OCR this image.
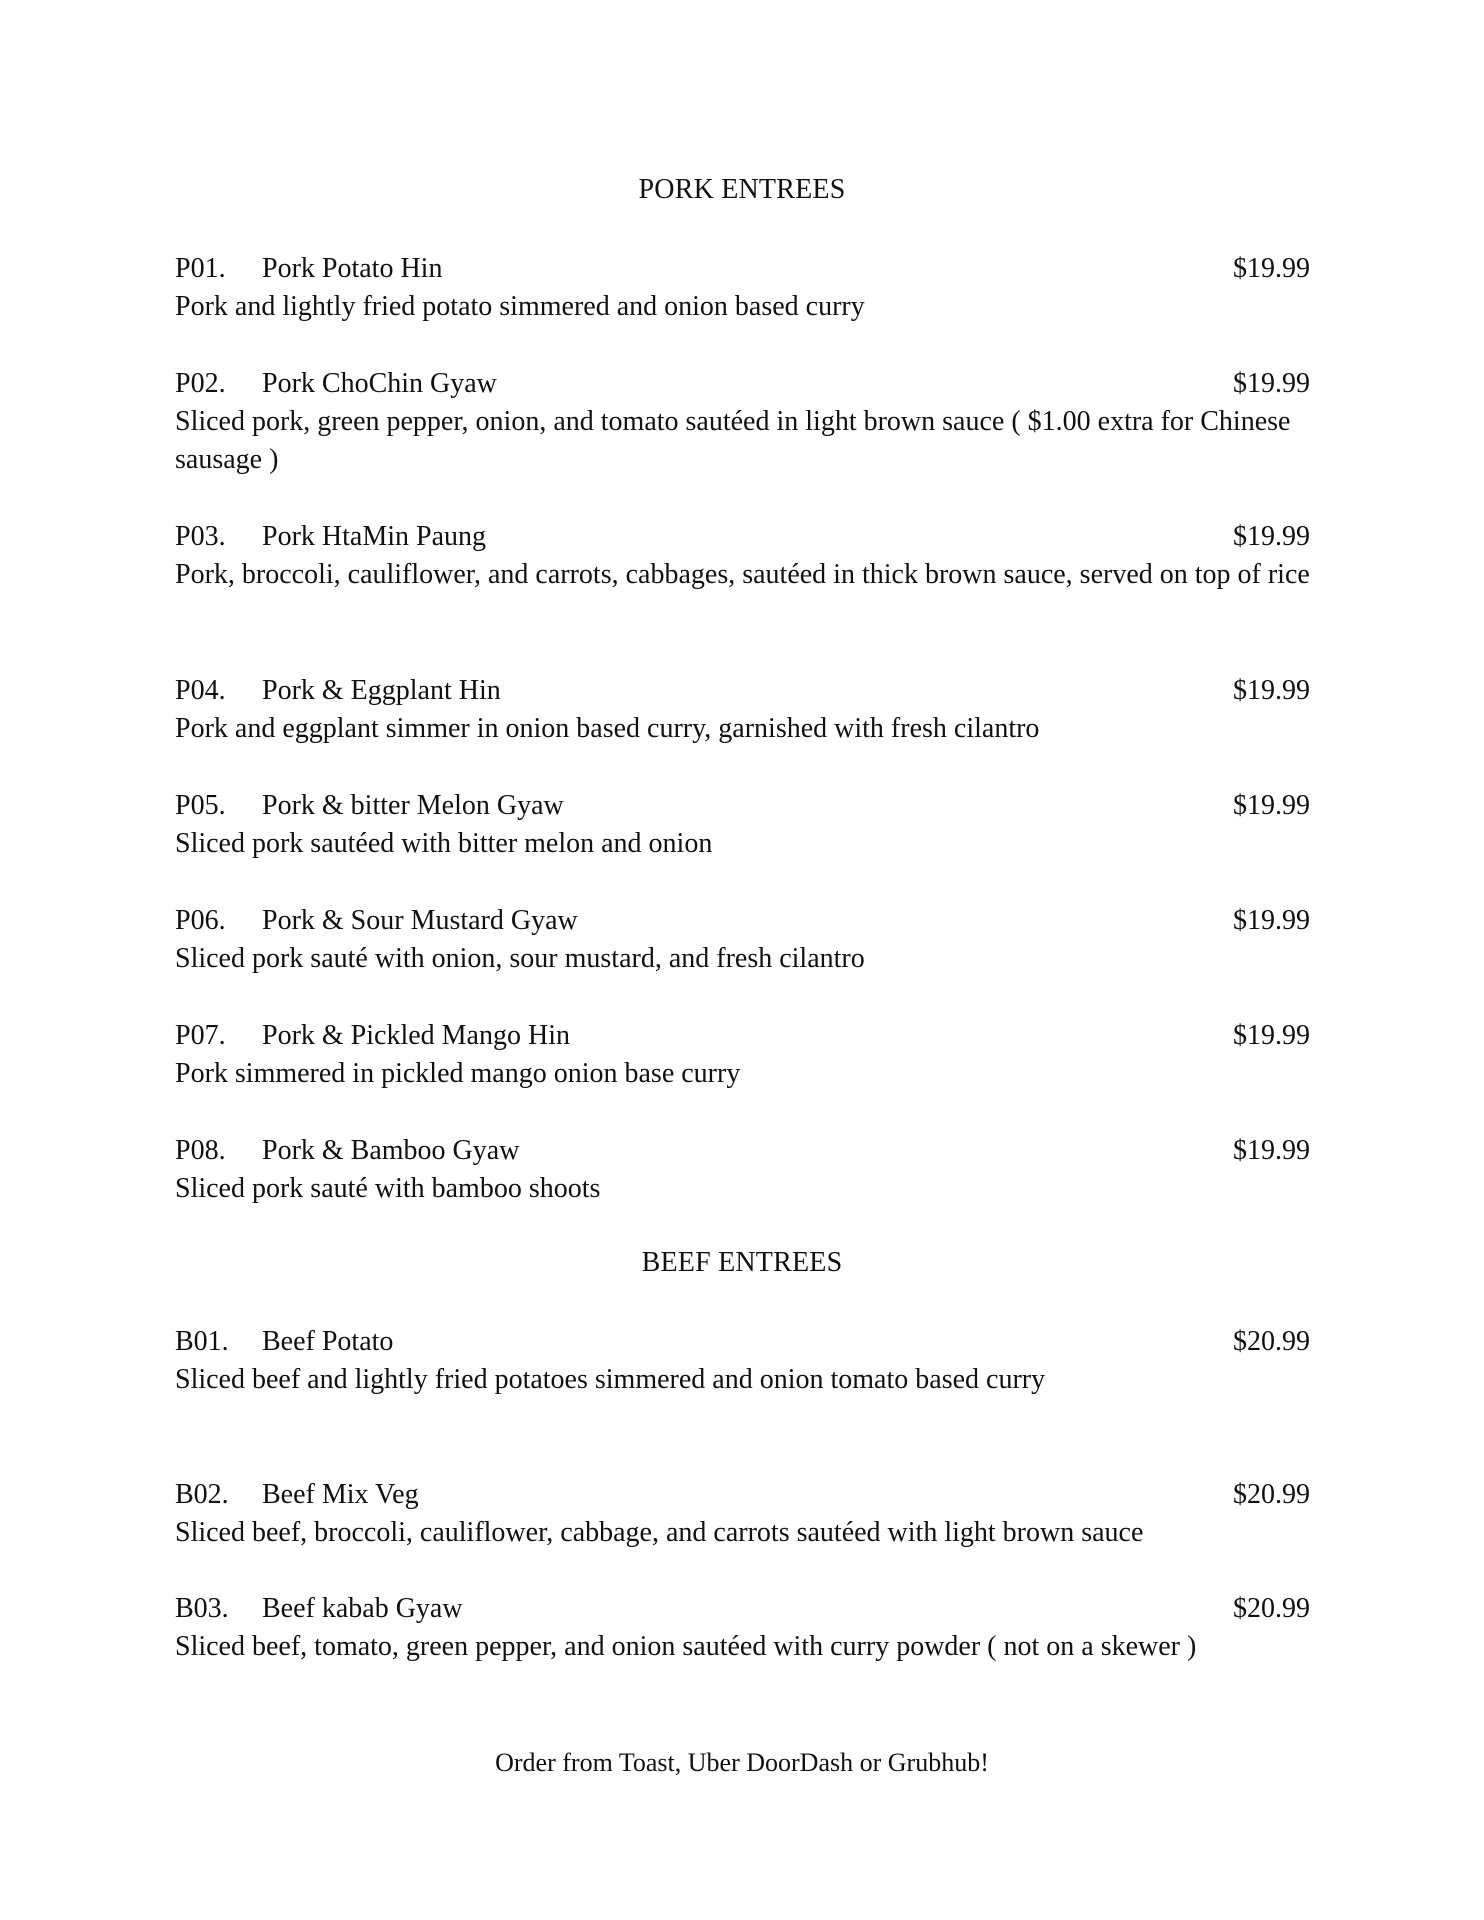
PORK ENTREES
P01. Pork Potato Hin	$19.99
Pork and lightly fried potato simmered and onion based curry
P02. Pork ChoChin Gyaw	$19.99
Sliced pork, green pepper, onion, and tomato sautéed in light brown sauce ( $1.00 extra for Chinese sausage )
P03. Pork HtaMin Paung	$19.99
Pork, broccoli, cauliflower, and carrots, cabbages, sautéed in thick brown sauce, served on top of rice
P04. Pork & Eggplant Hin	$19.99
Pork and eggplant simmer in onion based curry, garnished with fresh cilantro
P05. Pork & bitter Melon Gyaw	$19.99
Sliced pork sautéed with bitter melon and onion
P06. Pork & Sour Mustard Gyaw	$19.99
Sliced pork sauté with onion, sour mustard, and fresh cilantro
P07. Pork & Pickled Mango Hin	$19.99
Pork simmered in pickled mango onion base curry
P08. Pork & Bamboo Gyaw	$19.99
Sliced pork sauté with bamboo shoots
BEEF ENTREES
B01. Beef Potato	$20.99
Sliced beef and lightly fried potatoes simmered and onion tomato based curry
B02. Beef Mix Veg	$20.99
Sliced beef, broccoli, cauliflower, cabbage, and carrots sautéed with light brown sauce
B03. Beef kabab Gyaw	$20.99
Sliced beef, tomato, green pepper, and onion sautéed with curry powder ( not on a skewer )
Order from Toast, Uber DoorDash or Grubhub!
